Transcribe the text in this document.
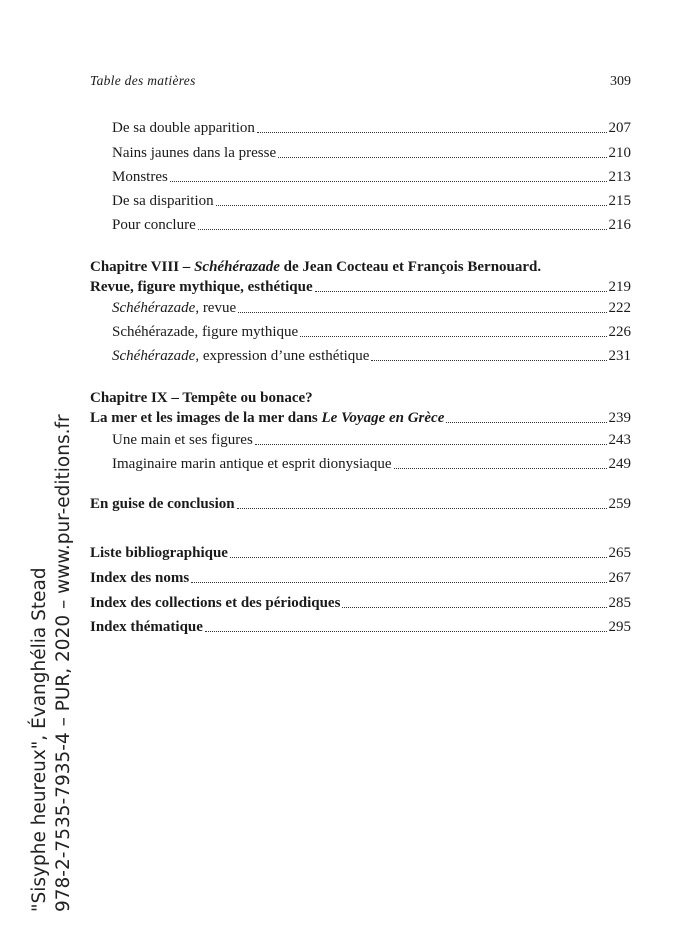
Table des matières	309
De sa double apparition	207
Nains jaunes dans la presse	210
Monstres	213
De sa disparition	215
Pour conclure	216
Chapitre VIII – Schéhérazade de Jean Cocteau et François Bernouard.
Revue, figure mythique, esthétique	219
Schéhérazade, revue	222
Schéhérazade, figure mythique	226
Schéhérazade, expression d’une esthétique	231
Chapitre IX – Tempête ou bonace?
La mer et les images de la mer dans Le Voyage en Grèce	239
Une main et ses figures	243
Imaginaire marin antique et esprit dionysiaque	249
En guise de conclusion	259
Liste bibliographique	265
Index des noms	267
Index des collections et des périodiques	285
Index thématique	295
"Sisyphe heureux", Évanghélia Stead 978-2-7535-7935-4 – PUR, 2020 – www.pur-editions.fr
